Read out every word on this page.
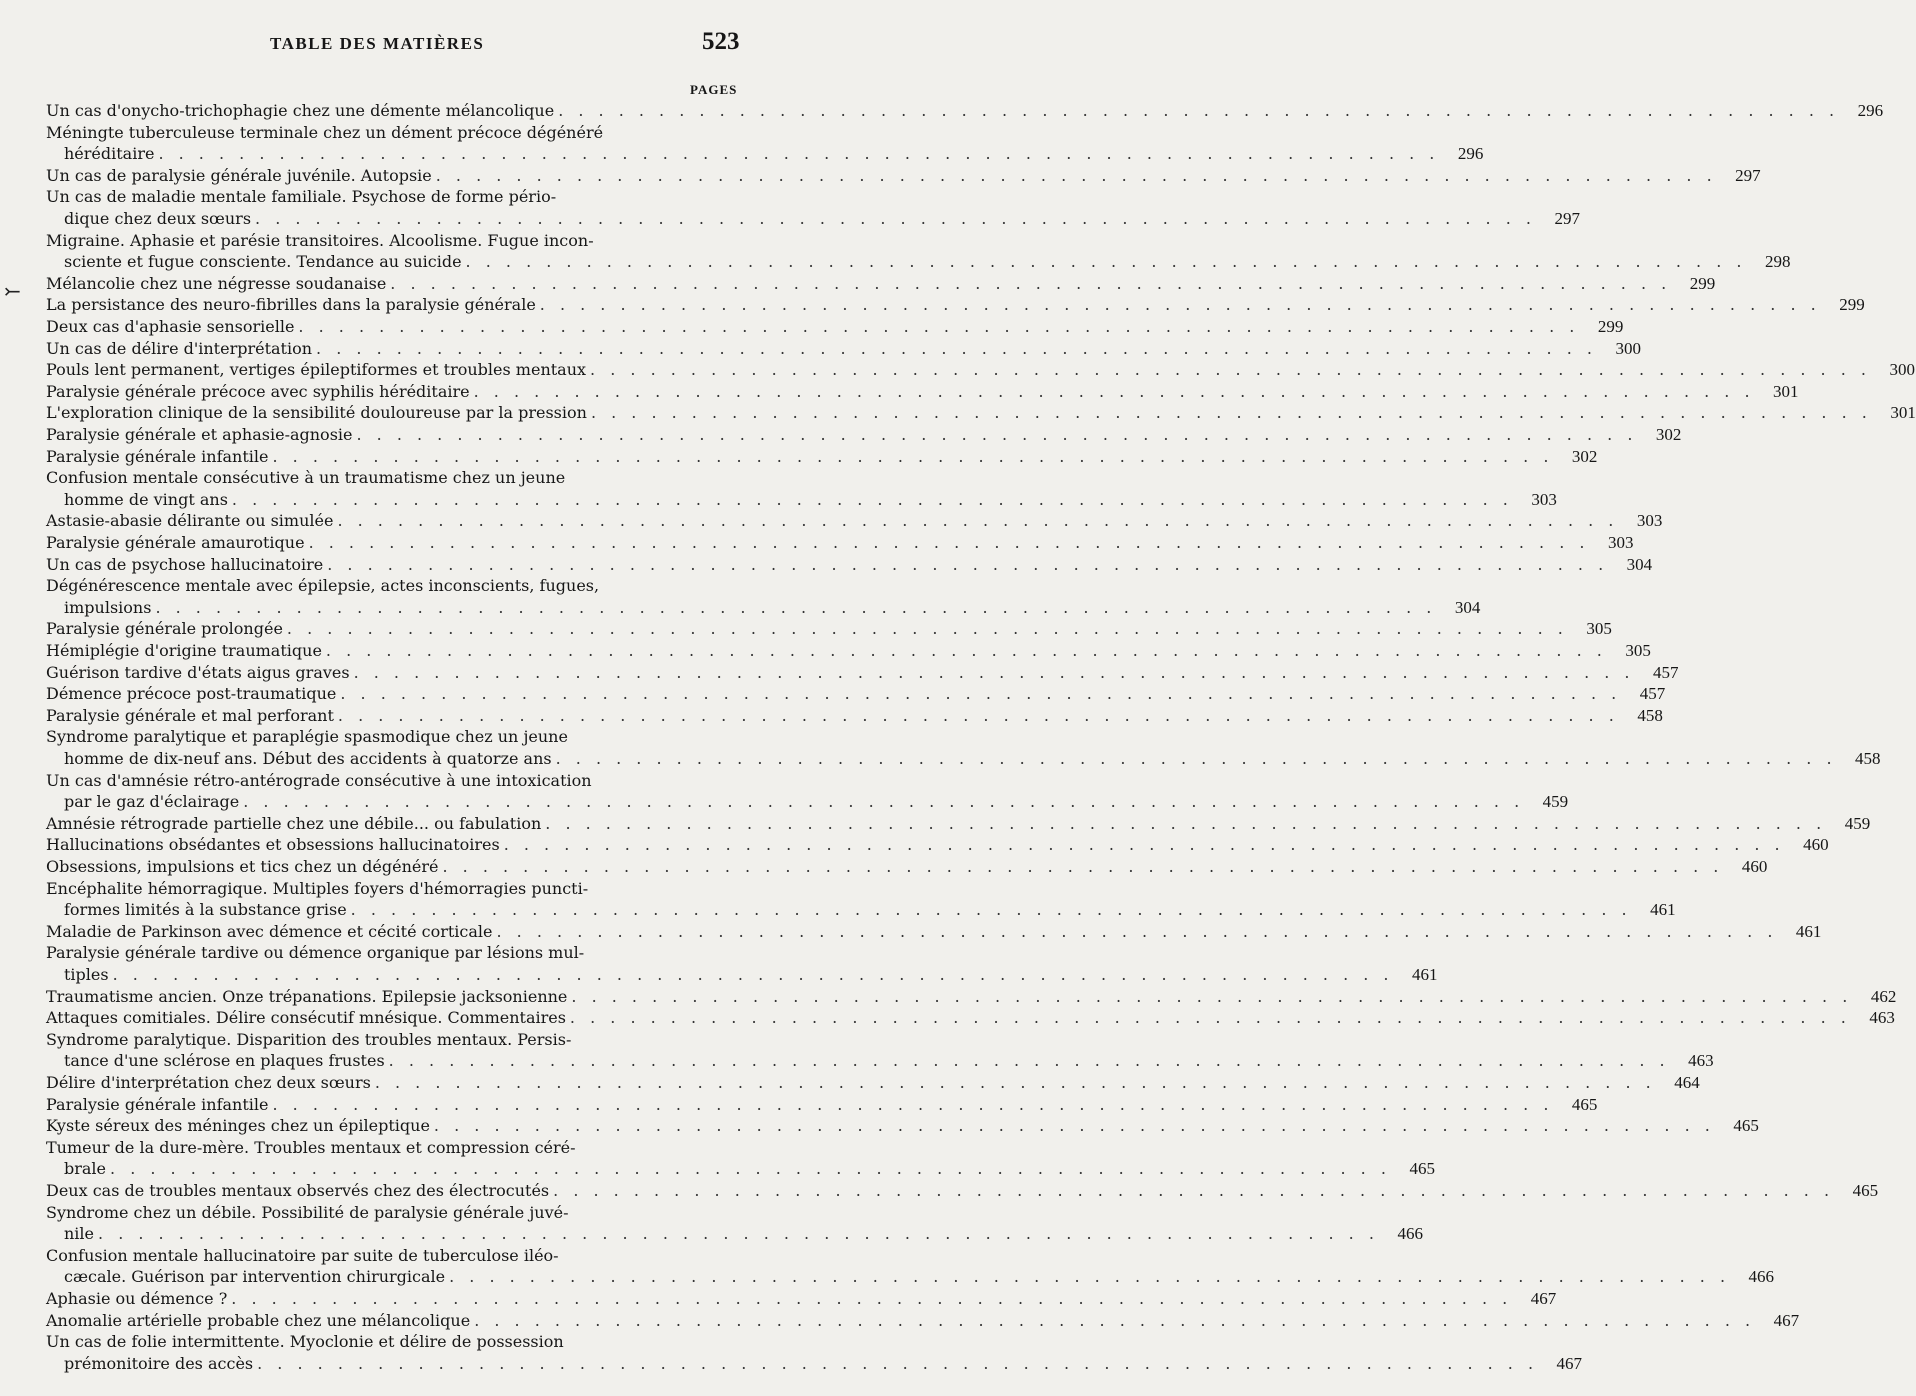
TABLE DES MATIÈRES	523
PAGES
⤚
Un cas d'onycho-trichophagie chez une démente mélancolique . . . . . . . . . . . . . . . . . . . . . . . . . . . . . . . . . . . . . . . . . . . . . . . . . . . . . . . . . . . . . . . .	296
Méningte tuberculeuse terminale chez un dément précoce dégénéré
héréditaire . . . . . . . . . . . . . . . . . . . . . . . . . . . . . . . . . . . . . . . . . . . . . . . . . . . . . . . . . . . . . . . .	296
Un cas de paralysie générale juvénile. Autopsie . . . . . . . . . . . . . . . . . . . . . . . . . . . . . . . . . . . . . . . . . . . . . . . . . . . . . . . . . . . . . . . .	297
Un cas de maladie mentale familiale. Psychose de forme pério-
dique chez deux sœurs . . . . . . . . . . . . . . . . . . . . . . . . . . . . . . . . . . . . . . . . . . . . . . . . . . . . . . . . . . . . . . . .	297
Migraine. Aphasie et parésie transitoires. Alcoolisme. Fugue incon-
sciente et fugue consciente. Tendance au suicide . . . . . . . . . . . . . . . . . . . . . . . . . . . . . . . . . . . . . . . . . . . . . . . . . . . . . . . . . . . . . . . .	298
Mélancolie chez une négresse soudanaise . . . . . . . . . . . . . . . . . . . . . . . . . . . . . . . . . . . . . . . . . . . . . . . . . . . . . . . . . . . . . . . .	299
La persistance des neuro-fibrilles dans la paralysie générale . . . . . . . . . . . . . . . . . . . . . . . . . . . . . . . . . . . . . . . . . . . . . . . . . . . . . . . . . . . . . . . .	299
Deux cas d'aphasie sensorielle . . . . . . . . . . . . . . . . . . . . . . . . . . . . . . . . . . . . . . . . . . . . . . . . . . . . . . . . . . . . . . . .	299
Un cas de délire d'interprétation . . . . . . . . . . . . . . . . . . . . . . . . . . . . . . . . . . . . . . . . . . . . . . . . . . . . . . . . . . . . . . . .	300
Pouls lent permanent, vertiges épileptiformes et troubles mentaux . . . . . . . . . . . . . . . . . . . . . . . . . . . . . . . . . . . . . . . . . . . . . . . . . . . . . . . . . . . . . . . .	300
Paralysie générale précoce avec syphilis héréditaire . . . . . . . . . . . . . . . . . . . . . . . . . . . . . . . . . . . . . . . . . . . . . . . . . . . . . . . . . . . . . . . .	301
L'exploration clinique de la sensibilité douloureuse par la pression . . . . . . . . . . . . . . . . . . . . . . . . . . . . . . . . . . . . . . . . . . . . . . . . . . . . . . . . . . . . . . . .	301
Paralysie générale et aphasie-agnosie . . . . . . . . . . . . . . . . . . . . . . . . . . . . . . . . . . . . . . . . . . . . . . . . . . . . . . . . . . . . . . . .	302
Paralysie générale infantile . . . . . . . . . . . . . . . . . . . . . . . . . . . . . . . . . . . . . . . . . . . . . . . . . . . . . . . . . . . . . . . .	302
Confusion mentale consécutive à un traumatisme chez un jeune
homme de vingt ans . . . . . . . . . . . . . . . . . . . . . . . . . . . . . . . . . . . . . . . . . . . . . . . . . . . . . . . . . . . . . . . .	303
Astasie-abasie délirante ou simulée . . . . . . . . . . . . . . . . . . . . . . . . . . . . . . . . . . . . . . . . . . . . . . . . . . . . . . . . . . . . . . . .	303
Paralysie générale amaurotique . . . . . . . . . . . . . . . . . . . . . . . . . . . . . . . . . . . . . . . . . . . . . . . . . . . . . . . . . . . . . . . .	303
Un cas de psychose hallucinatoire . . . . . . . . . . . . . . . . . . . . . . . . . . . . . . . . . . . . . . . . . . . . . . . . . . . . . . . . . . . . . . . .	304
Dégénérescence mentale avec épilepsie, actes inconscients, fugues,
impulsions . . . . . . . . . . . . . . . . . . . . . . . . . . . . . . . . . . . . . . . . . . . . . . . . . . . . . . . . . . . . . . . .	304
Paralysie générale prolongée . . . . . . . . . . . . . . . . . . . . . . . . . . . . . . . . . . . . . . . . . . . . . . . . . . . . . . . . . . . . . . . .	305
Hémiplégie d'origine traumatique . . . . . . . . . . . . . . . . . . . . . . . . . . . . . . . . . . . . . . . . . . . . . . . . . . . . . . . . . . . . . . . .	305
Guérison tardive d'états aigus graves . . . . . . . . . . . . . . . . . . . . . . . . . . . . . . . . . . . . . . . . . . . . . . . . . . . . . . . . . . . . . . . .	457
Démence précoce post-traumatique . . . . . . . . . . . . . . . . . . . . . . . . . . . . . . . . . . . . . . . . . . . . . . . . . . . . . . . . . . . . . . . .	457
Paralysie générale et mal perforant . . . . . . . . . . . . . . . . . . . . . . . . . . . . . . . . . . . . . . . . . . . . . . . . . . . . . . . . . . . . . . . .	458
Syndrome paralytique et paraplégie spasmodique chez un jeune
homme de dix-neuf ans. Début des accidents à quatorze ans . . . . . . . . . . . . . . . . . . . . . . . . . . . . . . . . . . . . . . . . . . . . . . . . . . . . . . . . . . . . . . . .	458
Un cas d'amnésie rétro-antérograde consécutive à une intoxication
par le gaz d'éclairage . . . . . . . . . . . . . . . . . . . . . . . . . . . . . . . . . . . . . . . . . . . . . . . . . . . . . . . . . . . . . . . .	459
Amnésie rétrograde partielle chez une débile... ou fabulation . . . . . . . . . . . . . . . . . . . . . . . . . . . . . . . . . . . . . . . . . . . . . . . . . . . . . . . . . . . . . . . .	459
Hallucinations obsédantes et obsessions hallucinatoires . . . . . . . . . . . . . . . . . . . . . . . . . . . . . . . . . . . . . . . . . . . . . . . . . . . . . . . . . . . . . . . .	460
Obsessions, impulsions et tics chez un dégénéré . . . . . . . . . . . . . . . . . . . . . . . . . . . . . . . . . . . . . . . . . . . . . . . . . . . . . . . . . . . . . . . .	460
Encéphalite hémorragique. Multiples foyers d'hémorragies puncti-
formes limités à la substance grise . . . . . . . . . . . . . . . . . . . . . . . . . . . . . . . . . . . . . . . . . . . . . . . . . . . . . . . . . . . . . . . .	461
Maladie de Parkinson avec démence et cécité corticale . . . . . . . . . . . . . . . . . . . . . . . . . . . . . . . . . . . . . . . . . . . . . . . . . . . . . . . . . . . . . . . .	461
Paralysie générale tardive ou démence organique par lésions mul-
tiples . . . . . . . . . . . . . . . . . . . . . . . . . . . . . . . . . . . . . . . . . . . . . . . . . . . . . . . . . . . . . . . .	461
Traumatisme ancien. Onze trépanations. Epilepsie jacksonienne . . . . . . . . . . . . . . . . . . . . . . . . . . . . . . . . . . . . . . . . . . . . . . . . . . . . . . . . . . . . . . . .	462
Attaques comitiales. Délire consécutif mnésique. Commentaires . . . . . . . . . . . . . . . . . . . . . . . . . . . . . . . . . . . . . . . . . . . . . . . . . . . . . . . . . . . . . . . .	463
Syndrome paralytique. Disparition des troubles mentaux. Persis-
tance d'une sclérose en plaques frustes . . . . . . . . . . . . . . . . . . . . . . . . . . . . . . . . . . . . . . . . . . . . . . . . . . . . . . . . . . . . . . . .	463
Délire d'interprétation chez deux sœurs . . . . . . . . . . . . . . . . . . . . . . . . . . . . . . . . . . . . . . . . . . . . . . . . . . . . . . . . . . . . . . . .	464
Paralysie générale infantile . . . . . . . . . . . . . . . . . . . . . . . . . . . . . . . . . . . . . . . . . . . . . . . . . . . . . . . . . . . . . . . .	465
Kyste séreux des méninges chez un épileptique . . . . . . . . . . . . . . . . . . . . . . . . . . . . . . . . . . . . . . . . . . . . . . . . . . . . . . . . . . . . . . . .	465
Tumeur de la dure-mère. Troubles mentaux et compression céré-
brale . . . . . . . . . . . . . . . . . . . . . . . . . . . . . . . . . . . . . . . . . . . . . . . . . . . . . . . . . . . . . . . .	465
Deux cas de troubles mentaux observés chez des électrocutés . . . . . . . . . . . . . . . . . . . . . . . . . . . . . . . . . . . . . . . . . . . . . . . . . . . . . . . . . . . . . . . .	465
Syndrome chez un débile. Possibilité de paralysie générale juvé-
nile . . . . . . . . . . . . . . . . . . . . . . . . . . . . . . . . . . . . . . . . . . . . . . . . . . . . . . . . . . . . . . . .	466
Confusion mentale hallucinatoire par suite de tuberculose iléo-
cæcale. Guérison par intervention chirurgicale . . . . . . . . . . . . . . . . . . . . . . . . . . . . . . . . . . . . . . . . . . . . . . . . . . . . . . . . . . . . . . . .	466
Aphasie ou démence ? . . . . . . . . . . . . . . . . . . . . . . . . . . . . . . . . . . . . . . . . . . . . . . . . . . . . . . . . . . . . . . . .	467
Anomalie artérielle probable chez une mélancolique . . . . . . . . . . . . . . . . . . . . . . . . . . . . . . . . . . . . . . . . . . . . . . . . . . . . . . . . . . . . . . . .	467
Un cas de folie intermittente. Myoclonie et délire de possession
prémonitoire des accès . . . . . . . . . . . . . . . . . . . . . . . . . . . . . . . . . . . . . . . . . . . . . . . . . . . . . . . . . . . . . . . .	467
